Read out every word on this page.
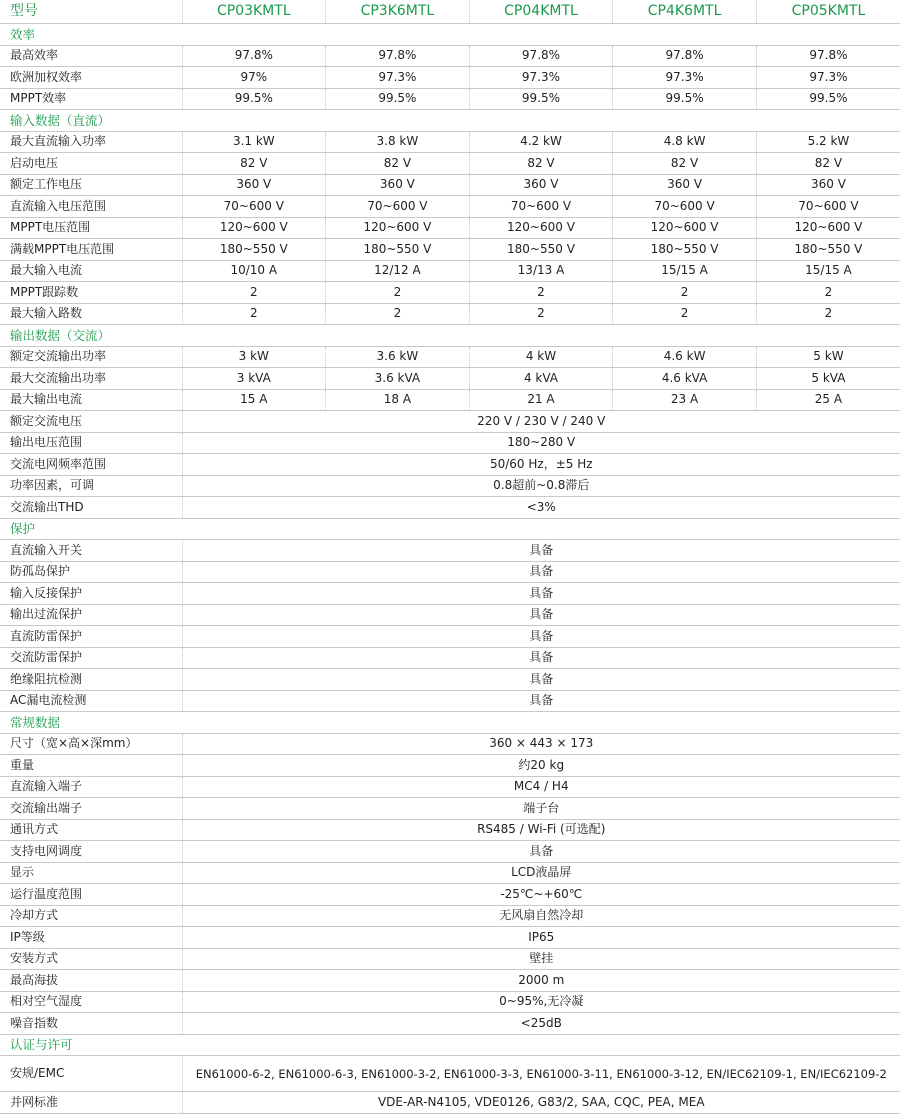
型号	CP03KMTL	CP3K6MTL	CP04KMTL	CP4K6MTL	CP05KMTL
效率					
最高效率	97.8%	97.8%	97.8%	97.8%	97.8%
欧洲加权效率	97%	97.3%	97.3%	97.3%	97.3%
MPPT效率	99.5%	99.5%	99.5%	99.5%	99.5%
输入数据（直流）					
最大直流输入功率	3.1 kW	3.8 kW	4.2 kW	4.8 kW	5.2 kW
启动电压	82 V	82 V	82 V	82 V	82 V
额定工作电压	360 V	360 V	360 V	360 V	360 V
直流输入电压范围	70~600 V	70~600 V	70~600 V	70~600 V	70~600 V
MPPT电压范围	120~600 V	120~600 V	120~600 V	120~600 V	120~600 V
满载MPPT电压范围	180~550 V	180~550 V	180~550 V	180~550 V	180~550 V
最大输入电流	10/10 A	12/12 A	13/13 A	15/15 A	15/15 A
MPPT跟踪数	2	2	2	2	2
最大输入路数	2	2	2	2	2
输出数据（交流）					
额定交流输出功率	3 kW	3.6 kW	4 kW	4.6 kW	5 kW
最大交流输出功率	3 kVA	3.6 kVA	4 kVA	4.6 kVA	5 kVA
最大输出电流	15 A	18 A	21 A	23 A	25 A
额定交流电压	220 V / 230 V / 240 V				
输出电压范围	180~280 V				
交流电网频率范围	50/60 Hz，±5 Hz				
功率因素，可调	0.8超前~0.8滞后				
交流输出THD	<3%				
保护					
直流输入开关	具备				
防孤岛保护	具备				
输入反接保护	具备				
输出过流保护	具备				
直流防雷保护	具备				
交流防雷保护	具备				
绝缘阻抗检测	具备				
AC漏电流检测	具备				
常规数据					
尺寸（宽×高×深mm）	360 × 443 × 173				
重量	约20 kg				
直流输入端子	MC4 / H4				
交流输出端子	端子台				
通讯方式	RS485 / Wi-Fi (可选配)				
支持电网调度	具备				
显示	LCD液晶屏				
运行温度范围	-25℃~+60℃				
冷却方式	无风扇自然冷却				
IP等级	IP65				
安装方式	壁挂				
最高海拔	2000 m				
相对空气湿度	0~95%,无冷凝				
噪音指数	<25dB				
认证与许可					
安规/EMC	EN61000-6-2, EN61000-6-3, EN61000-3-2, EN61000-3-3, EN61000-3-11, EN61000-3-12, EN/IEC62109-1, EN/IEC62109-2				
并网标准	VDE-AR-N4105, VDE0126, G83/2, SAA, CQC, PEA, MEA				
